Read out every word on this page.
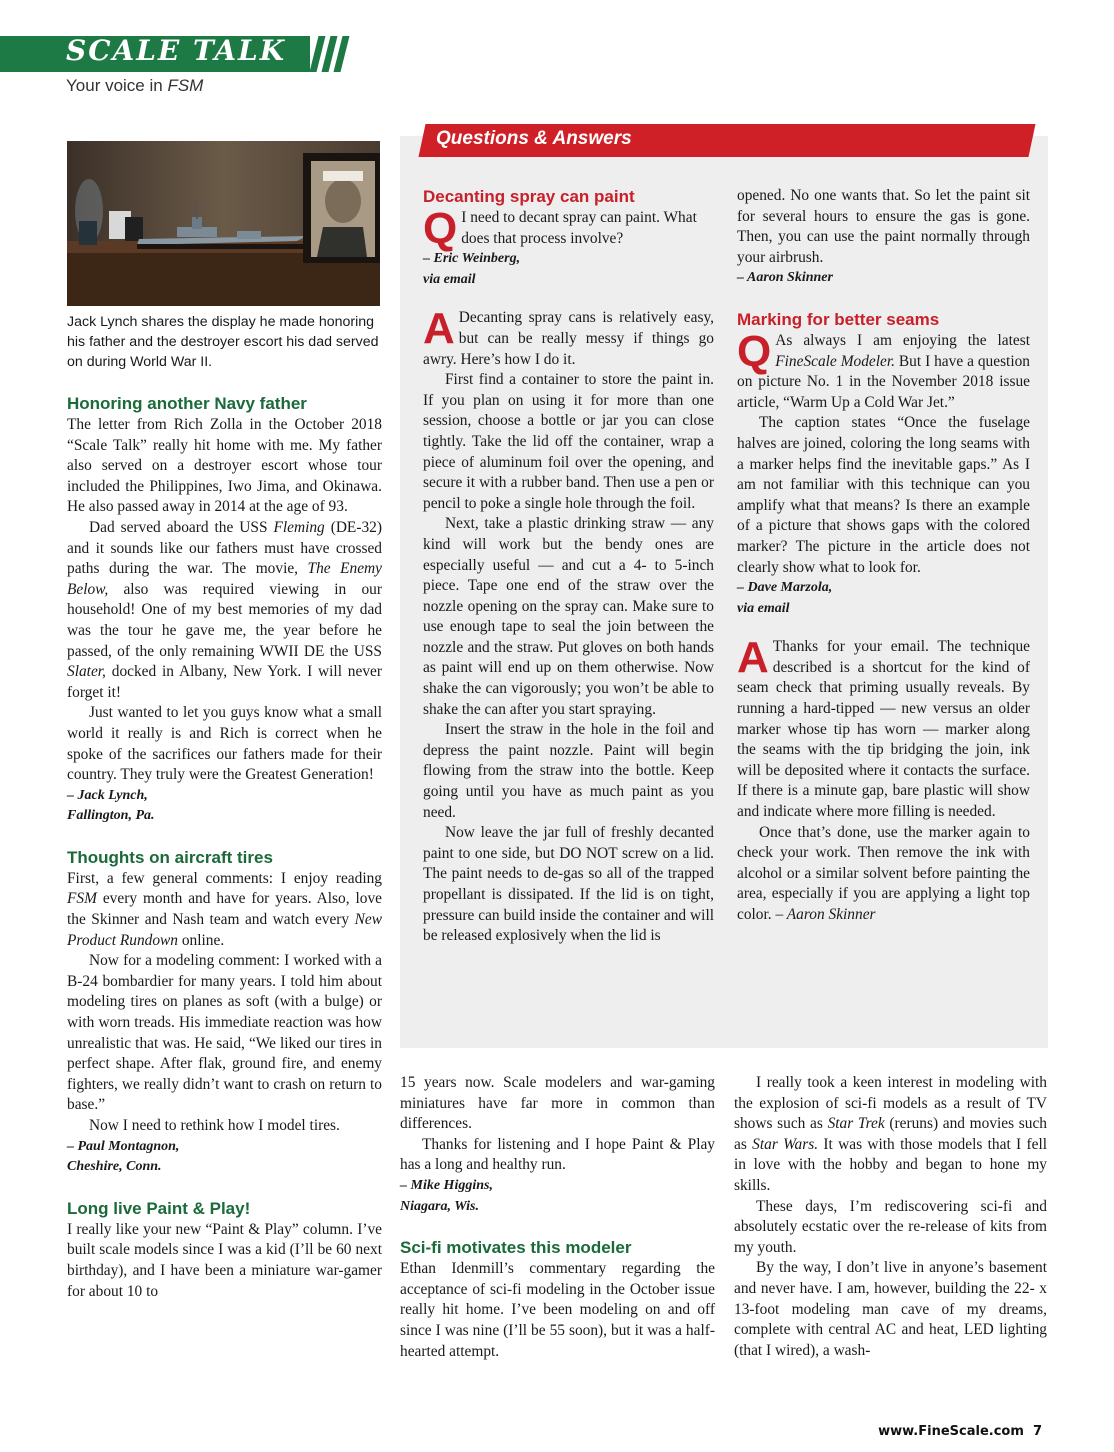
SCALE TALK
Your voice in FSM
Jack Lynch shares the display he made honoring his father and the destroyer escort his dad served on during World War II.
Honoring another Navy father

The letter from Rich Zolla in the October 2018 “Scale Talk” really hit home with me. My father also served on a destroyer escort whose tour included the Philippines, Iwo Jima, and Okinawa. He also passed away in 2014 at the age of 93.

Dad served aboard the USS Fleming (DE-32) and it sounds like our fathers must have crossed paths during the war. The movie, The Enemy Below, also was required viewing in our household! One of my best memories of my dad was the tour he gave me, the year before he passed, of the only remaining WWII DE the USS Slater, docked in Albany, New York. I will never forget it!

Just wanted to let you guys know what a small world it really is and Rich is correct when he spoke of the sacrifices our fathers made for their country. They truly were the Greatest Generation!

– Jack Lynch,

Fallington, Pa.

Thoughts on aircraft tires

First, a few general comments: I enjoy reading FSM every month and have for years. Also, love the Skinner and Nash team and watch every New Product Rundown online.

Now for a modeling comment: I worked with a B-24 bombardier for many years. I told him about modeling tires on planes as soft (with a bulge) or with worn treads. His immediate reaction was how unrealistic that was. He said, “We liked our tires in perfect shape. After flak, ground fire, and enemy fighters, we really didn’t want to crash on return to base.”

Now I need to rethink how I model tires.

– Paul Montagnon,

Cheshire, Conn.

Long live Paint & Play!

I really like your new “Paint & Play” column. I’ve built scale models since I was a kid (I’ll be 60 next birthday), and I have been a miniature war-gamer for about 10 to

Questions & Answers
Decanting spray can paint

Q I need to decant spray can paint. What does that process involve?

– Eric Weinberg,

via email

A Decanting spray cans is relatively easy, but can be really messy if things go awry. Here’s how I do it.

First find a container to store the paint in. If you plan on using it for more than one session, choose a bottle or jar you can close tightly. Take the lid off the container, wrap a piece of aluminum foil over the opening, and secure it with a rubber band. Then use a pen or pencil to poke a single hole through the foil.

Next, take a plastic drinking straw — any kind will work but the bendy ones are especially useful — and cut a 4- to 5-inch piece. Tape one end of the straw over the nozzle opening on the spray can. Make sure to use enough tape to seal the join between the nozzle and the straw. Put gloves on both hands as paint will end up on them otherwise. Now shake the can vigorously; you won’t be able to shake the can after you start spraying.

Insert the straw in the hole in the foil and depress the paint nozzle. Paint will begin flowing from the straw into the bottle. Keep going until you have as much paint as you need.

Now leave the jar full of freshly decanted paint to one side, but DO NOT screw on a lid. The paint needs to de-gas so all of the trapped propellant is dissipated. If the lid is on tight, pressure can build inside the container and will be released explosively when the lid is

opened. No one wants that. So let the paint sit for several hours to ensure the gas is gone. Then, you can use the paint normally through your airbrush.

– Aaron Skinner

Marking for better seams

Q As always I am enjoying the latest FineScale Modeler. But I have a question on picture No. 1 in the November 2018 issue article, “Warm Up a Cold War Jet.”

The caption states “Once the fuselage halves are joined, coloring the long seams with a marker helps find the inevitable gaps.” As I am not familiar with this technique can you amplify what that means? Is there an example of a picture that shows gaps with the colored marker? The picture in the article does not clearly show what to look for.

– Dave Marzola,

via email

A Thanks for your email. The technique described is a shortcut for the kind of seam check that priming usually reveals. By running a hard-tipped — new versus an older marker whose tip has worn — marker along the seams with the tip bridging the join, ink will be deposited where it contacts the surface. If there is a minute gap, bare plastic will show and indicate where more filling is needed.

Once that’s done, use the marker again to check your work. Then remove the ink with alcohol or a similar solvent before painting the area, especially if you are applying a light top color. – Aaron Skinner

15 years now. Scale modelers and war-gaming miniatures have far more in common than differences.

Thanks for listening and I hope Paint & Play has a long and healthy run.

– Mike Higgins,

Niagara, Wis.

Sci-fi motivates this modeler

Ethan Idenmill’s commentary regarding the acceptance of sci-fi modeling in the October issue really hit home. I’ve been modeling on and off since I was nine (I’ll be 55 soon), but it was a half-hearted attempt.

I really took a keen interest in modeling with the explosion of sci-fi models as a result of TV shows such as Star Trek (reruns) and movies such as Star Wars. It was with those models that I fell in love with the hobby and began to hone my skills.

These days, I’m rediscovering sci-fi and absolutely ecstatic over the re-release of kits from my youth.

By the way, I don’t live in anyone’s basement and never have. I am, however, building the 22- x 13-foot modeling man cave of my dreams, complete with central AC and heat, LED lighting (that I wired), a wash-

www.FineScale.com 7
